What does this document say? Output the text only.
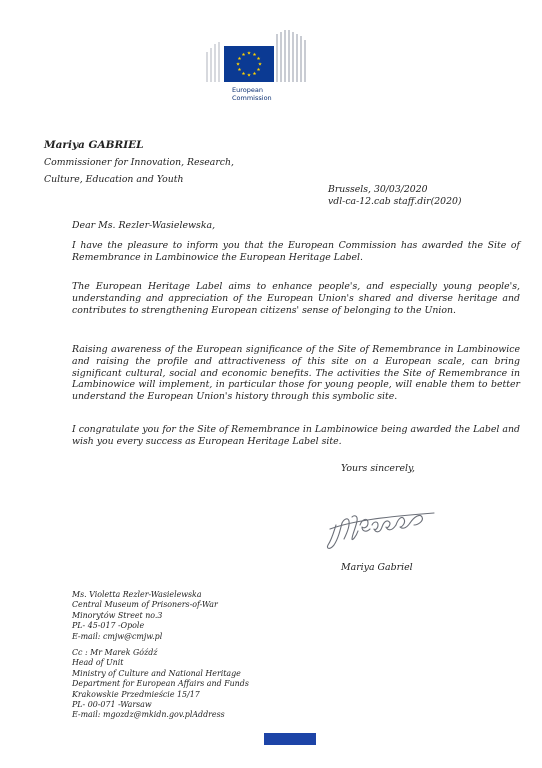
European
Commission
Mariya GABRIEL
Commissioner for Innovation, Research,
Culture, Education and Youth
Brussels, 30/03/2020
vdl-ca-12.cab staff.dir(2020)
Dear Ms. Rezler-Wasielewska,
I have the pleasure to inform you that the European Commission has awarded the Site of Remembrance in Lambinowice the European Heritage Label.
The European Heritage Label aims to enhance people's, and especially young people's, understanding and appreciation of the European Union's shared and diverse heritage and contributes to strengthening European citizens' sense of belonging to the Union.
Raising awareness of the European significance of the Site of Remembrance in Lambinowice and raising the profile and attractiveness of this site on a European scale, can bring significant cultural, social and economic benefits. The activities the Site of Remembrance in Lambinowice will implement, in particular those for young people, will enable them to better understand the European Union's history through this symbolic site.
I congratulate you for the Site of Remembrance in Lambinowice being awarded the Label and wish you every success as European Heritage Label site.
Yours sincerely,
Mariya Gabriel
Ms. Violetta Rezler-Wasielewska
Central Museum of Prisoners-of-War
Minorytów Street no.3
PL- 45-017 -Opole
E-mail: cmjw@cmjw.pl
Cc : Mr Marek Góźdź
Head of Unit
Ministry of Culture and National Heritage
Department for European Affairs and Funds
Krakowskie Przedmieście 15/17
PL- 00-071 -Warsaw
E-mail: mgozdz@mkidn.gov.plAddress
